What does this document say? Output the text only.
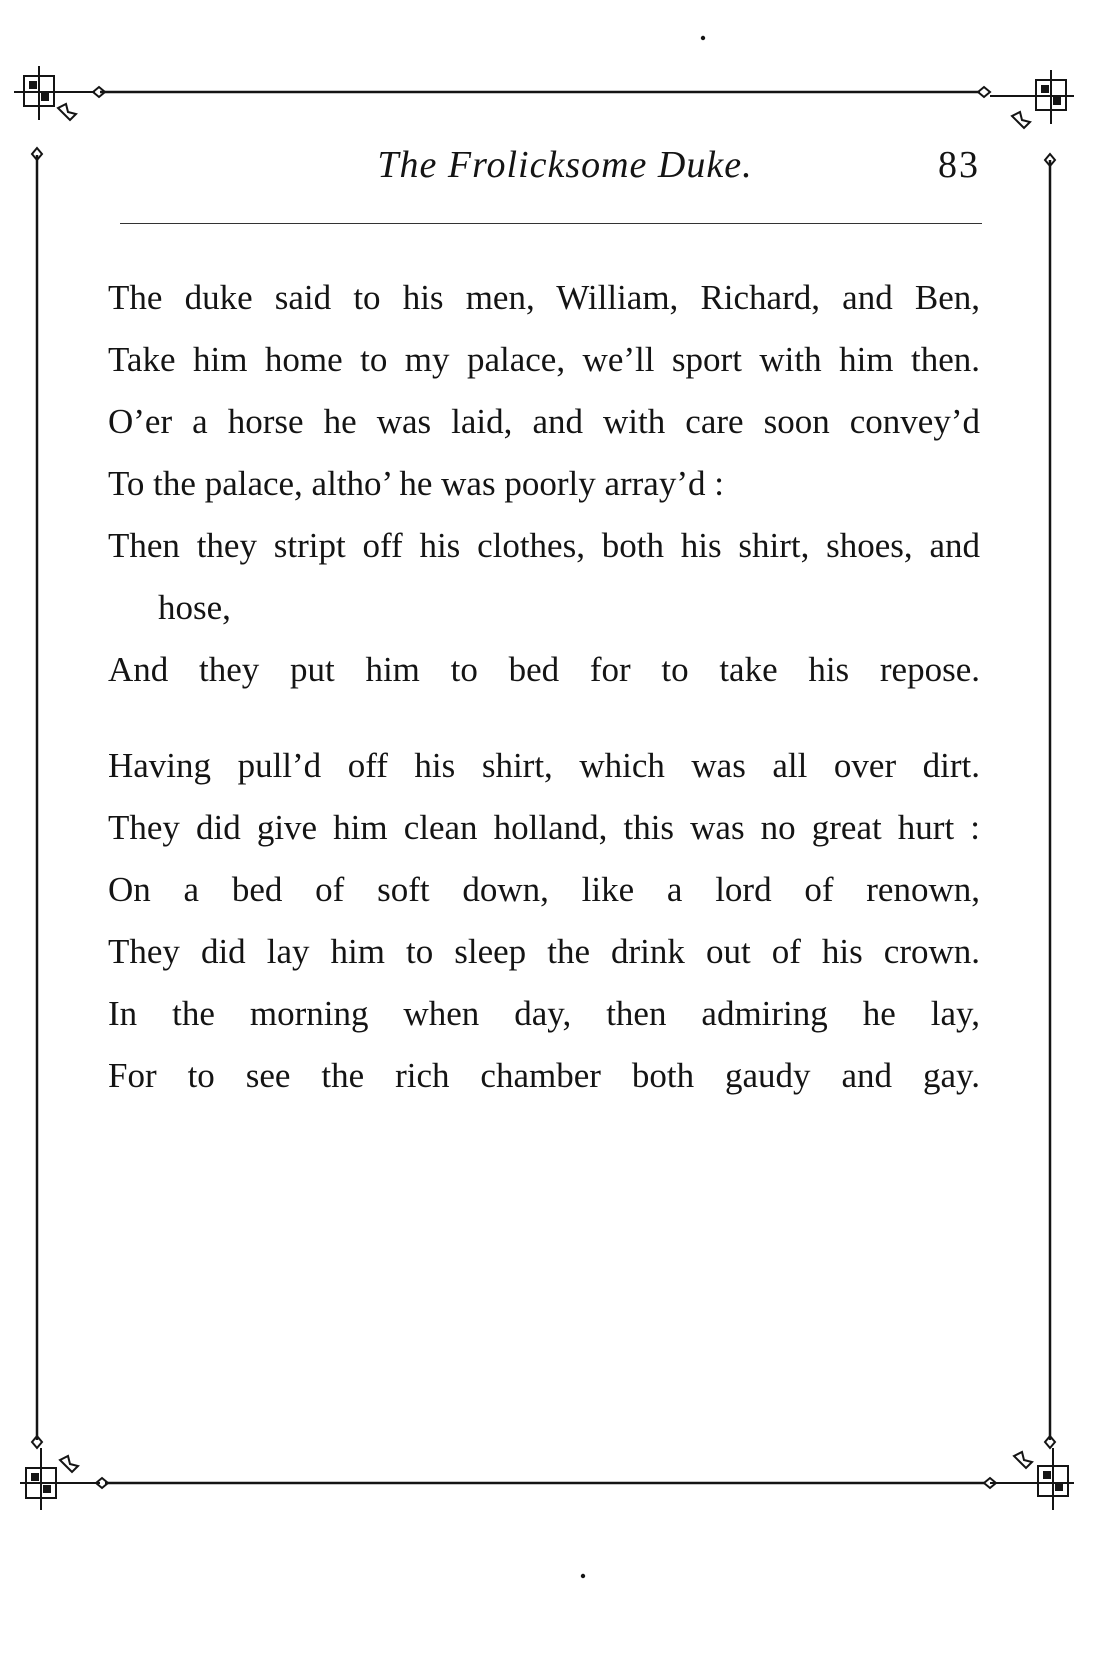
The Frolicksome Duke.	83
The duke said to his men, William, Richard, and Ben,
Take him home to my palace, we’ll sport with him then.
O’er a horse he was laid, and with care soon convey’d
To the palace, altho’ he was poorly array’d :
Then they stript off his clothes, both his shirt, shoes, and hose,
And they put him to bed for to take his repose.
Having pull’d off his shirt, which was all over dirt.
They did give him clean holland, this was no great hurt :
On a bed of soft down, like a lord of renown,
They did lay him to sleep the drink out of his crown.
In the morning when day, then admiring he lay,
For to see the rich chamber both gaudy and gay.
